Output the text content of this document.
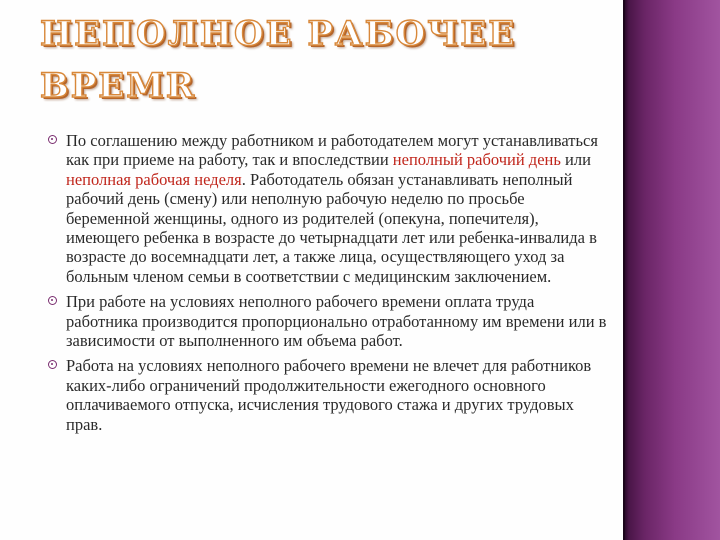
НЕПОЛНОЕ РАБОЧЕЕ ВРЕМR
По соглашению между работником и работодателем могут устанавливаться как при приеме на работу, так и впоследствии неполный рабочий день или неполная рабочая неделя. Работодатель обязан устанавливать неполный рабочий день (смену) или неполную рабочую неделю по просьбе беременной женщины, одного из родителей (опекуна, попечителя), имеющего ребенка в возрасте до четырнадцати лет или ребенка-инвалида в возрасте до восемнадцати лет, а также лица, осуществляющего уход за больным членом семьи в соответствии с медицинским заключением.
При работе на условиях неполного рабочего времени оплата труда работника производится пропорционально отработанному им времени или в зависимости от выполненного им объема работ.
Работа на условиях неполного рабочего времени не влечет для работников каких-либо ограничений продолжительности ежегодного основного оплачиваемого отпуска, исчисления трудового стажа и других трудовых прав.
